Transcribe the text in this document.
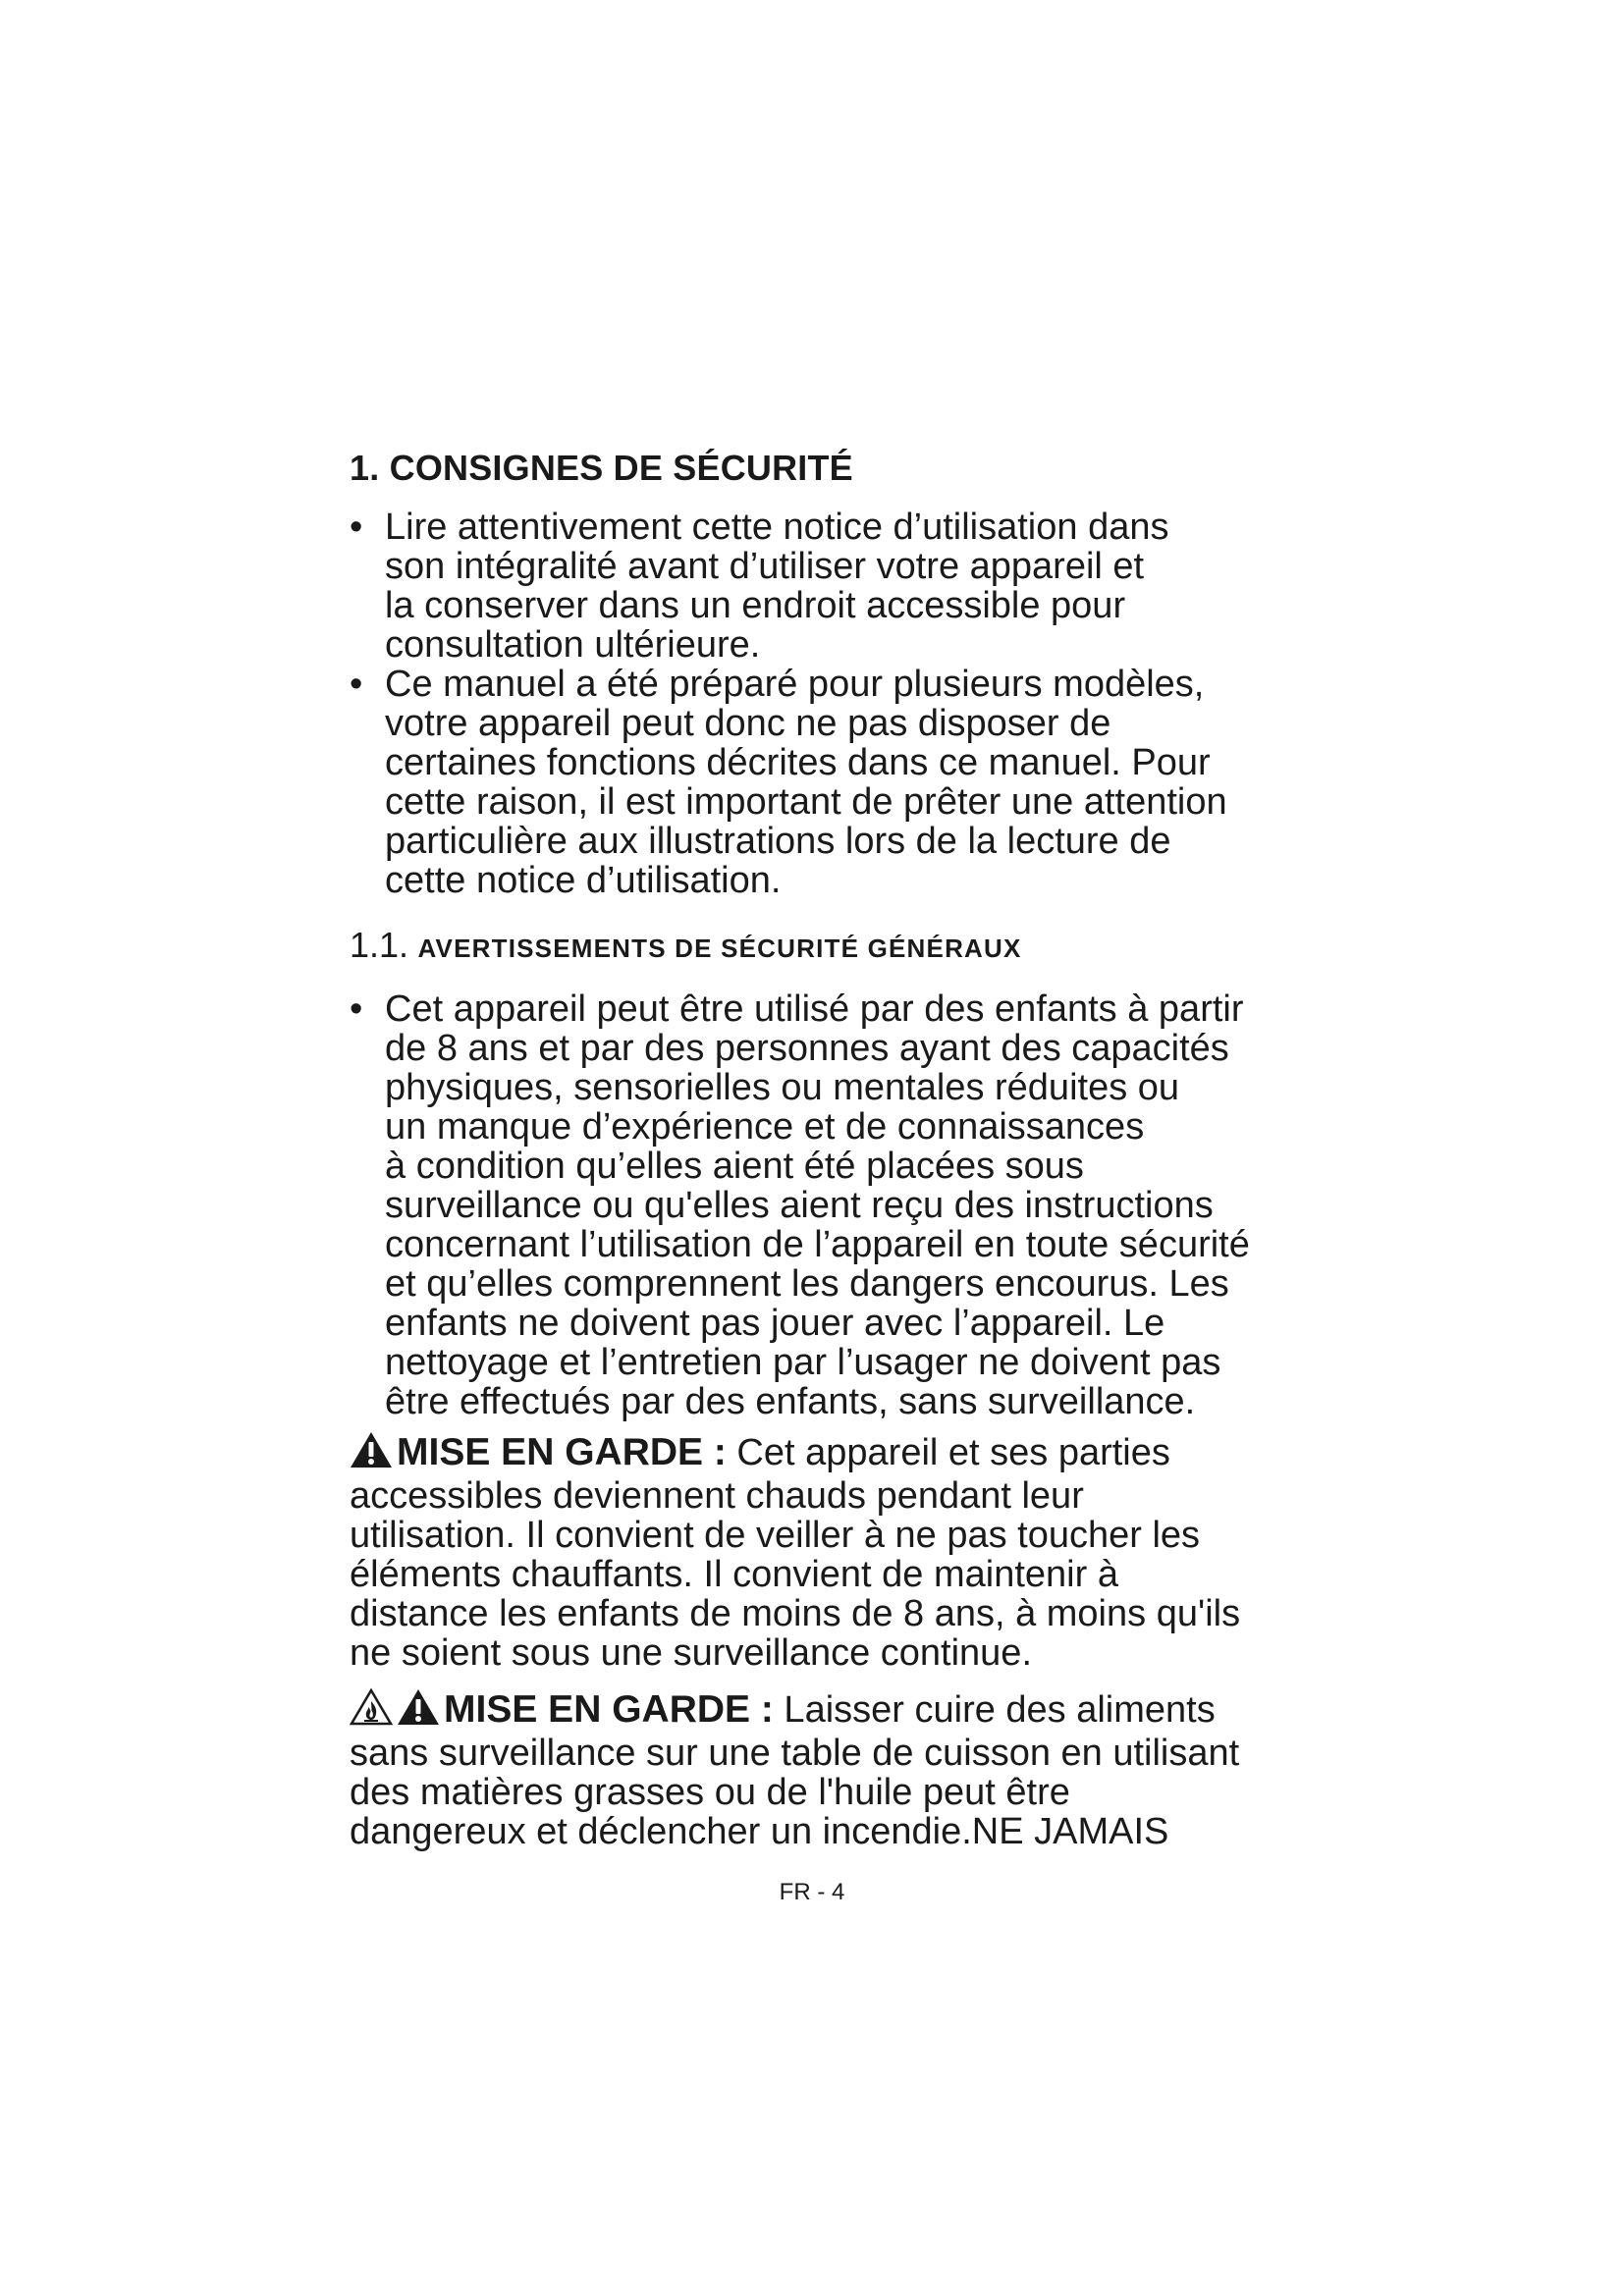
1. CONSIGNES DE SÉCURITÉ
• Lire attentivement cette notice d’utilisation dans
son intégralité avant d’utiliser votre appareil et
la conserver dans un endroit accessible pour
consultation ultérieure.
• Ce manuel a été préparé pour plusieurs modèles,
votre appareil peut donc ne pas disposer de
certaines fonctions décrites dans ce manuel. Pour
cette raison, il est important de prêter une attention
particulière aux illustrations lors de la lecture de
cette notice d’utilisation.
1.1. AVERTISSEMENTS DE SÉCURITÉ GÉNÉRAUX
• Cet appareil peut être utilisé par des enfants à partir
de 8 ans et par des personnes ayant des capacités
physiques, sensorielles ou mentales réduites ou
un manque d’expérience et de connaissances
à condition qu’elles aient été placées sous
surveillance ou qu'elles aient reçu des instructions
concernant l’utilisation de l’appareil en toute sécurité
et qu’elles comprennent les dangers encourus. Les
enfants ne doivent pas jouer avec l’appareil. Le
nettoyage et l’entretien par l’usager ne doivent pas
être effectués par des enfants, sans surveillance.
MISE EN GARDE : Cet appareil et ses parties
accessibles deviennent chauds pendant leur
utilisation. Il convient de veiller à ne pas toucher les
éléments chauffants. Il convient de maintenir à
distance les enfants de moins de 8 ans, à moins qu'ils
ne soient sous une surveillance continue.
MISE EN GARDE : Laisser cuire des aliments
sans surveillance sur une table de cuisson en utilisant
des matières grasses ou de l'huile peut être
dangereux et déclencher un incendie.NE JAMAIS
FR - 4
